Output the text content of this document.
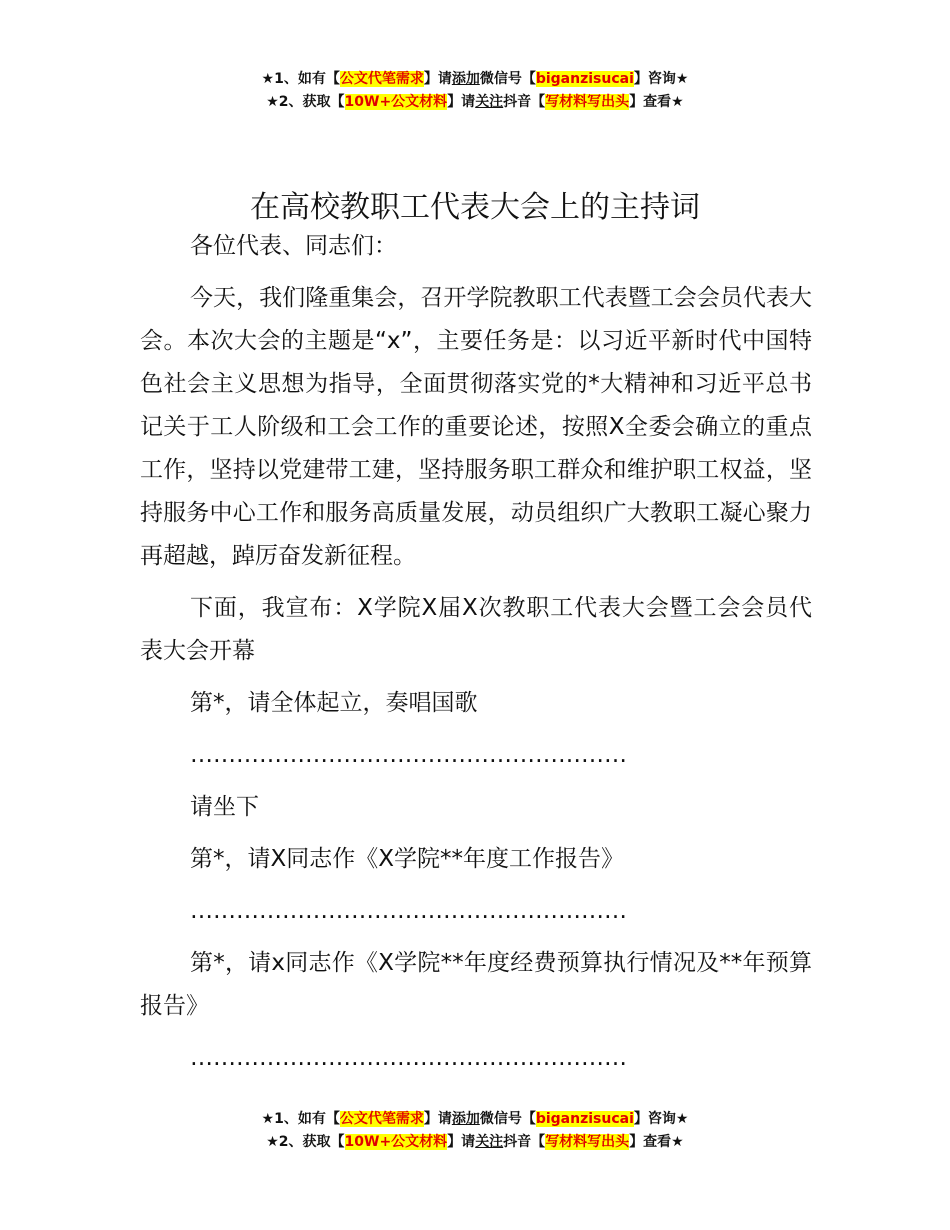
★1、如有【公文代笔需求】请添加微信号【biganzisucai】咨询★
★2、获取【10W+公文材料】请关注抖音【写材料写出头】查看★
在高校教职工代表大会上的主持词

各位代表、同志们：

今天，我们隆重集会，召开学院教职工代表暨工会会员代表大会。本次大会的主题是“x”，主要任务是：以习近平新时代中国特色社会主义思想为指导，全面贯彻落实党的*大精神和习近平总书记关于工人阶级和工会工作的重要论述，按照X全委会确立的重点工作，坚持以党建带工建，坚持服务职工群众和维护职工权益，坚持服务中心工作和服务高质量发展，动员组织广大教职工凝心聚力再超越，踔厉奋发新征程。

下面，我宣布：X学院X届X次教职工代表大会暨工会会员代表大会开幕

第*，请全体起立，奏唱国歌

…………………………………………………

请坐下

第*，请X同志作《X学院**年度工作报告》

…………………………………………………

第*，请x同志作《X学院**年度经费预算执行情况及**年预算报告》

…………………………………………………

★1、如有【公文代笔需求】请添加微信号【biganzisucai】咨询★
★2、获取【10W+公文材料】请关注抖音【写材料写出头】查看★
